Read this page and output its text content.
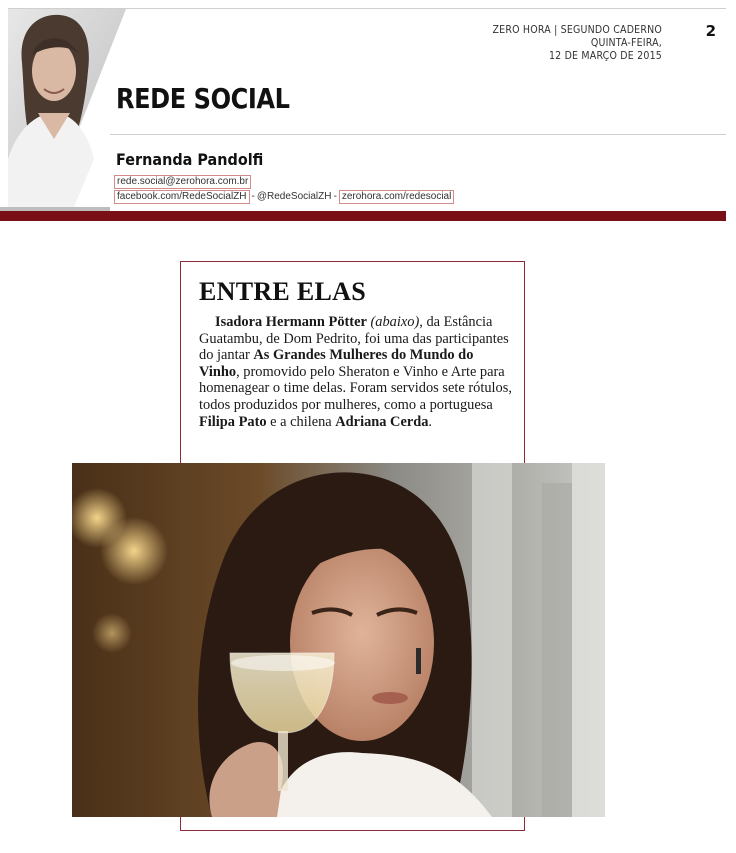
ZERO HORA | SEGUNDO CADERNO
QUINTA-FEIRA,
12 DE MARÇO DE 2015
2
REDE SOCIAL
Fernanda Pandolfi
rede.social@zerohora.com.br
facebook.com/RedeSocialZH - @RedeSocialZH - zerohora.com/redesocial
ENTRE ELAS

Isadora Hermann Pötter (abaixo), da Estância Guatambu, de Dom Pedrito, foi uma das participantes do jantar As Grandes Mulheres do Mundo do Vinho, promovido pelo Sheraton e Vinho e Arte para homenagear o time delas. Foram servidos sete rótulos, todos produzidos por mulheres, como a portuguesa Filipa Pato e a chilena Adriana Cerda.
